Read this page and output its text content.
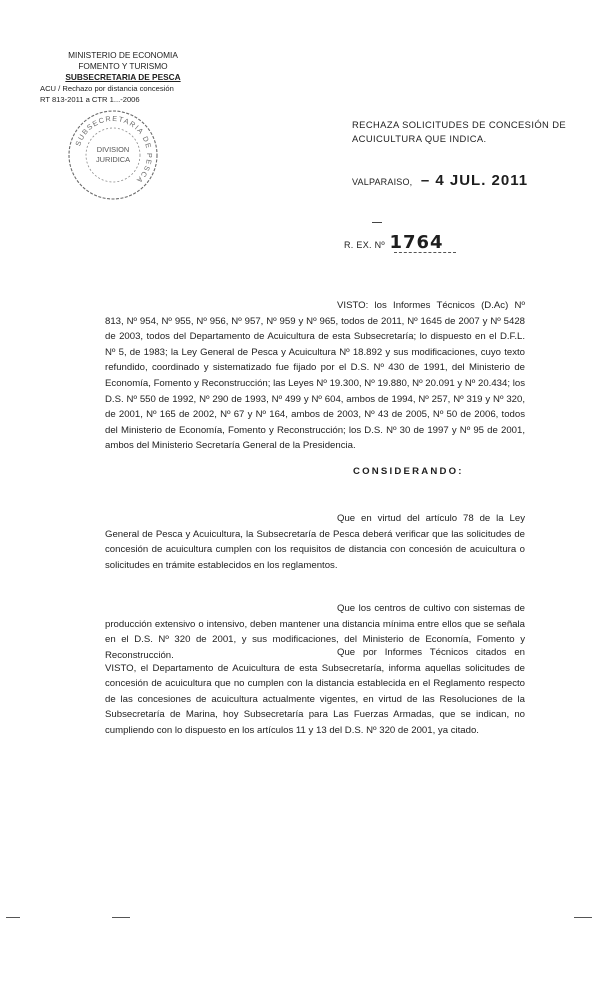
MINISTERIO DE ECONOMIA
FOMENTO Y TURISMO
SUBSECRETARIA DE PESCA
ACU / Rechazo por distancia concesión
RT 813-2011 a CTR 1...-2006
SUBSECRETARIA DE PESCA
DIVISION
JURIDICA
RECHAZA SOLICITUDES DE CONCESIÓN DE
ACUICULTURA QUE INDICA.
VALPARAISO, – 4 JUL. 2011
R. EX. Nº 1764

VISTO: los Informes Técnicos (D.Ac) Nº 813, Nº 954, Nº 955, Nº 956, Nº 957, Nº 959 y Nº 965, todos de 2011, Nº 1645 de 2007 y Nº 5428 de 2003, todos del Departamento de Acuicultura de esta Subsecretaría; lo dispuesto en el D.F.L. Nº 5, de 1983; la Ley General de Pesca y Acuicultura Nº 18.892 y sus modificaciones, cuyo texto refundido, coordinado y sistematizado fue fijado por el D.S. Nº 430 de 1991, del Ministerio de Economía, Fomento y Reconstrucción; las Leyes Nº 19.300, Nº 19.880, Nº 20.091 y Nº 20.434; los D.S. Nº 550 de 1992, Nº 290 de 1993, Nº 499 y Nº 604, ambos de 1994, Nº 257, Nº 319 y Nº 320, de 2001, Nº 165 de 2002, Nº 67 y Nº 164, ambos de 2003, Nº 43 de 2005, Nº 50 de 2006, todos del Ministerio de Economía, Fomento y Reconstrucción; los D.S. Nº 30 de 1997 y Nº 95 de 2001, ambos del Ministerio Secretaría General de la Presidencia.

CONSIDERANDO:

Que en virtud del artículo 78 de la Ley General de Pesca y Acuicultura, la Subsecretaría de Pesca deberá verificar que las solicitudes de concesión de acuicultura cumplen con los requisitos de distancia con concesión de acuicultura o solicitudes en trámite establecidos en los reglamentos.

Que los centros de cultivo con sistemas de producción extensivo o intensivo, deben mantener una distancia mínima entre ellos que se señala en el D.S. Nº 320 de 2001, y sus modificaciones, del Ministerio de Economía, Fomento y Reconstrucción.	Que por Informes Técnicos citados en VISTO, el Departamento de Acuicultura de esta Subsecretaría, informa aquellas solicitudes de concesión de acuicultura que no cumplen con la distancia establecida en el Reglamento respecto de las concesiones de acuicultura actualmente vigentes, en virtud de las Resoluciones de la Subsecretaría de Marina, hoy Subsecretaría para Las Fuerzas Armadas, que se indican, no cumpliendo con lo dispuesto en los artículos 11 y 13 del D.S. Nº 320 de 2001, ya citado.
